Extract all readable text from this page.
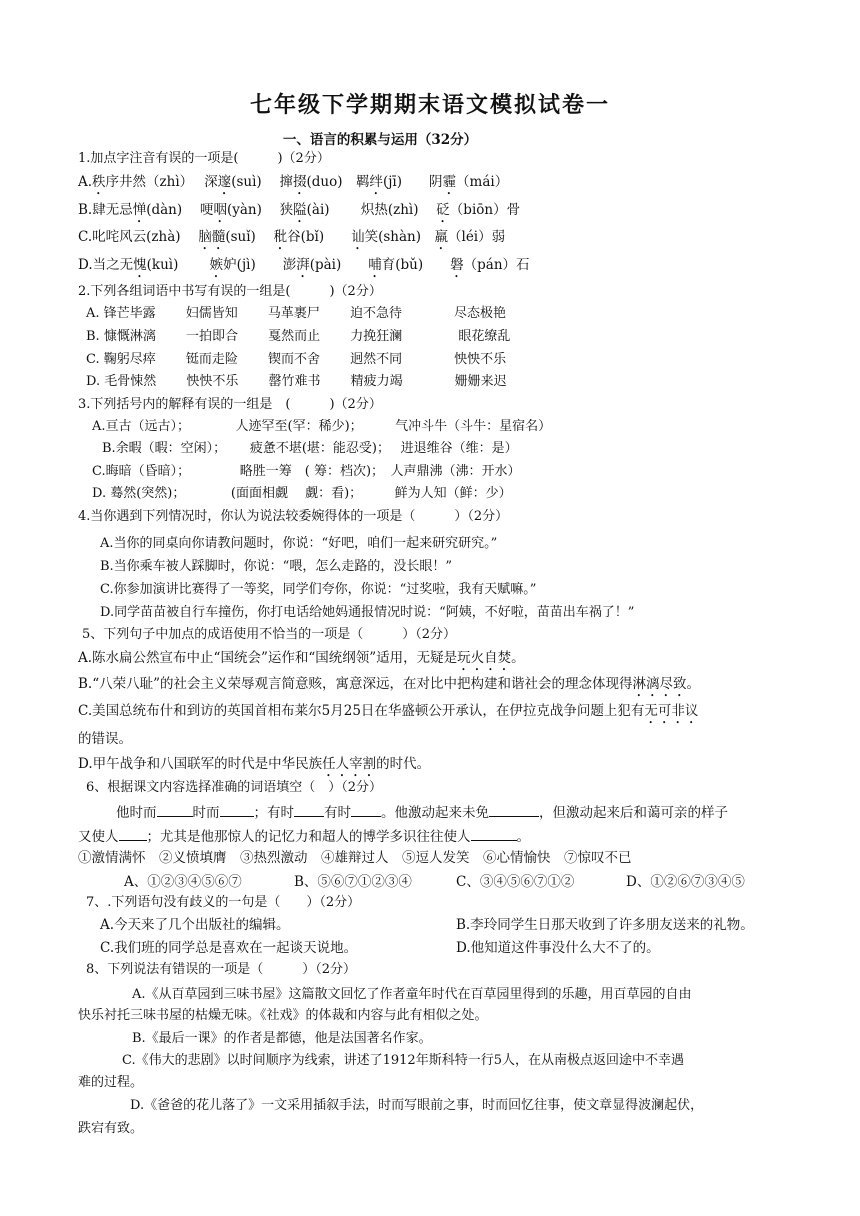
七年级下学期期末语文模拟试卷一
一、语言的积累与运用（32分）
1.加点字注音有误的一项是(　　　)（2分）
A.秩序井然（zhì）　 深邃(suì)　 撺掇(duo)　羁绊(jī)　　阴霾（mái）
B.肆无忌惮(dàn)　 哽咽(yàn)　 狭隘(ài)　　 炽热(zhì)　 砭（biōn）骨
C.叱咤风云(zhà)　 脑髓(suǐ)　 秕谷(bǐ)　　讪笑(shàn)　羸（léi）弱
D.当之无愧(kuì)　　 嫉妒(jì)　　澎湃(pài)　　哺育(bǔ)　　磐（pán）石
2.下列各组词语中书写有误的一组是(　　　)（2分）
A. 锋芒毕露　　 妇儒皆知　　 马革裹尸　　 迫不急待　　　　尽态极艳
B. 慷慨淋漓　　 一拍即合　　 戛然而止　　 力挽狂澜　　　　 眼花缭乱
C. 鞠躬尽瘁　　 铤而走险　　 锲而不舍　　 迥然不同　　　　怏怏不乐
D. 毛骨悚然　　 怏怏不乐　　 罄竹难书　　 精疲力竭　　　　姗姗来迟
3.下列括号内的解释有误的一组是　(　　　)（2分）
A.亘古（远古）；　　　　人迹罕至(罕：稀少)；　　　气冲斗牛（斗牛：星宿名）
B.余暇（暇：空闲）；　　 疲惫不堪(堪：能忍受)；　 进退维谷（维：是）
C.晦暗（昏暗）；　　　　 略胜一筹　( 筹：档次)；　人声鼎沸（沸：开水）
D. 蓦然(突然)；　　　　(面面相觑　 觑：看)；　　　鲜为人知（鲜：少）
4.当你遇到下列情况时，你认为说法较委婉得体的一项是（　　　）（2分）
A.当你的同桌向你请教问题时，你说：“好吧，咱们一起来研究研究。”
B.当你乘车被人踩脚时，你说：“喂，怎么走路的，没长眼！”
C.你参加演讲比赛得了一等奖，同学们夸你，你说：“过奖啦，我有天赋嘛。”
D.同学苗苗被自行车撞伤，你打电话给她妈通报情况时说：“阿姨，不好啦，苗苗出车祸了！”
5、下列句子中加点的成语使用不恰当的一项是（　　　）（2分）
A.陈水扁公然宣布中止“国统会”运作和“国统纲领”适用，无疑是玩火自焚。
B.“八荣八耻”的社会主义荣辱观言简意赅，寓意深远，在对比中把构建和谐社会的理念体现得淋漓尽致。
C.美国总统布什和到访的英国首相布莱尔5月25日在华盛顿公开承认，在伊拉克战争问题上犯有无可非议
的错误。
D.甲午战争和八国联军的时代是中华民族任人宰割的时代。
6、根据课文内容选择准确的词语填空（　）（2分）
他时而	时而	；有时 有时 。他激动起来未免	，但激动起来后和蔼可亲的样子
又使人 ；尤其是他那惊人的记忆力和超人的博学多识往往使人	。
①激情满怀　②义愤填膺　③热烈激动　④雄辩过人　⑤逗人发笑　⑥心情愉快　⑦惊叹不已
A、①②③④⑤⑥⑦	B、⑤⑥⑦①②③④	C、③④⑤⑥⑦①②	D、①②⑥⑦③④⑤
7、.下列语句没有歧义的一句是（　　）（2分）
A.今天来了几个出版社的编辑。	B.李玲同学生日那天收到了许多朋友送来的礼物。
C.我们班的同学总是喜欢在一起谈天说地。	D.他知道这件事没什么大不了的。
8、下列说法有错误的一项是（　　　）（2分）
A.《从百草园到三味书屋》这篇散文回忆了作者童年时代在百草园里得到的乐趣，用百草园的自由
快乐衬托三味书屋的枯燥无味。《社戏》的体裁和内容与此有相似之处。
B.《最后一课》的作者是都德，他是法国著名作家。
C.《伟大的悲剧》以时间顺序为线索，讲述了1912年斯科特一行5人，在从南极点返回途中不幸遇
难的过程。
D.《爸爸的花儿落了》一文采用插叙手法，时而写眼前之事，时而回忆往事，使文章显得波澜起伏，
跌宕有致。
